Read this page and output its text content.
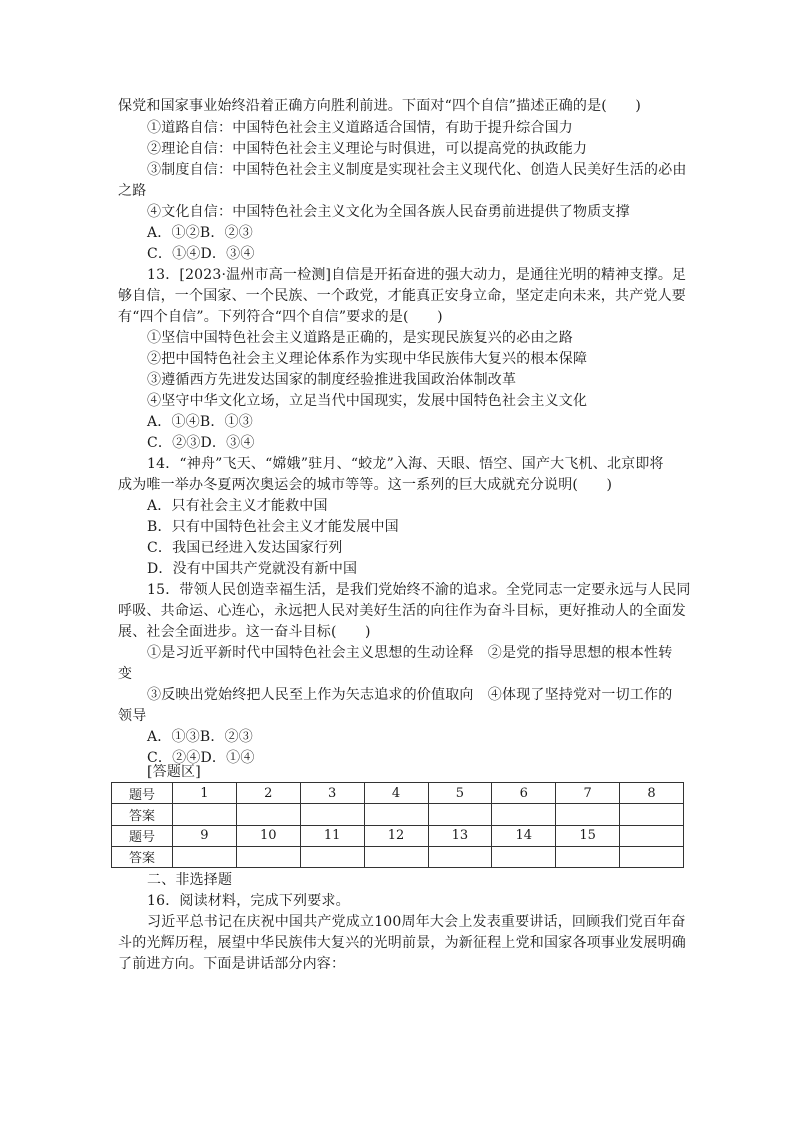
保党和国家事业始终沿着正确方向胜利前进。下面对“四个自信”描述正确的是(　　)
①道路自信：中国特色社会主义道路适合国情，有助于提升综合国力
②理论自信：中国特色社会主义理论与时俱进，可以提高党的执政能力
③制度自信：中国特色社会主义制度是实现社会主义现代化、创造人民美好生活的必由
之路
④文化自信：中国特色社会主义文化为全国各族人民奋勇前进提供了物质支撑
A．①②B．②③
C．①④D．③④
13．[2023·温州市高一检测]自信是开拓奋进的强大动力，是通往光明的精神支撑。足
够自信，一个国家、一个民族、一个政党，才能真正安身立命，坚定走向未来，共产党人要
有“四个自信”。下列符合“四个自信”要求的是(　　)
①坚信中国特色社会主义道路是正确的，是实现民族复兴的必由之路
②把中国特色社会主义理论体系作为实现中华民族伟大复兴的根本保障
③遵循西方先进发达国家的制度经验推进我国政治体制改革
④坚守中华文化立场，立足当代中国现实，发展中国特色社会主义文化
A．①④B．①③
C．②③D．③④
14．“神舟”飞天、“嫦娥”驻月、“蛟龙”入海、天眼、悟空、国产大飞机、北京即将
成为唯一举办冬夏两次奥运会的城市等等。这一系列的巨大成就充分说明(　　)
A．只有社会主义才能救中国
B．只有中国特色社会主义才能发展中国
C．我国已经进入发达国家行列
D．没有中国共产党就没有新中国
15．带领人民创造幸福生活，是我们党始终不渝的追求。全党同志一定要永远与人民同
呼吸、共命运、心连心，永远把人民对美好生活的向往作为奋斗目标，更好推动人的全面发
展、社会全面进步。这一奋斗目标(　　)
①是习近平新时代中国特色社会主义思想的生动诠释　②是党的指导思想的根本性转
变
③反映出党始终把人民至上作为矢志追求的价值取向　④体现了坚持党对一切工作的
领导
A．①③B．②③
C．②④D．①④
[答题区]
题号	1	2	3	4	5	6	7	8
答案								
题号	9	10	11	12	13	14	15	
答案								
二、非选择题
16．阅读材料，完成下列要求。
习近平总书记在庆祝中国共产党成立100周年大会上发表重要讲话，回顾我们党百年奋
斗的光辉历程，展望中华民族伟大复兴的光明前景，为新征程上党和国家各项事业发展明确
了前进方向。下面是讲话部分内容：
